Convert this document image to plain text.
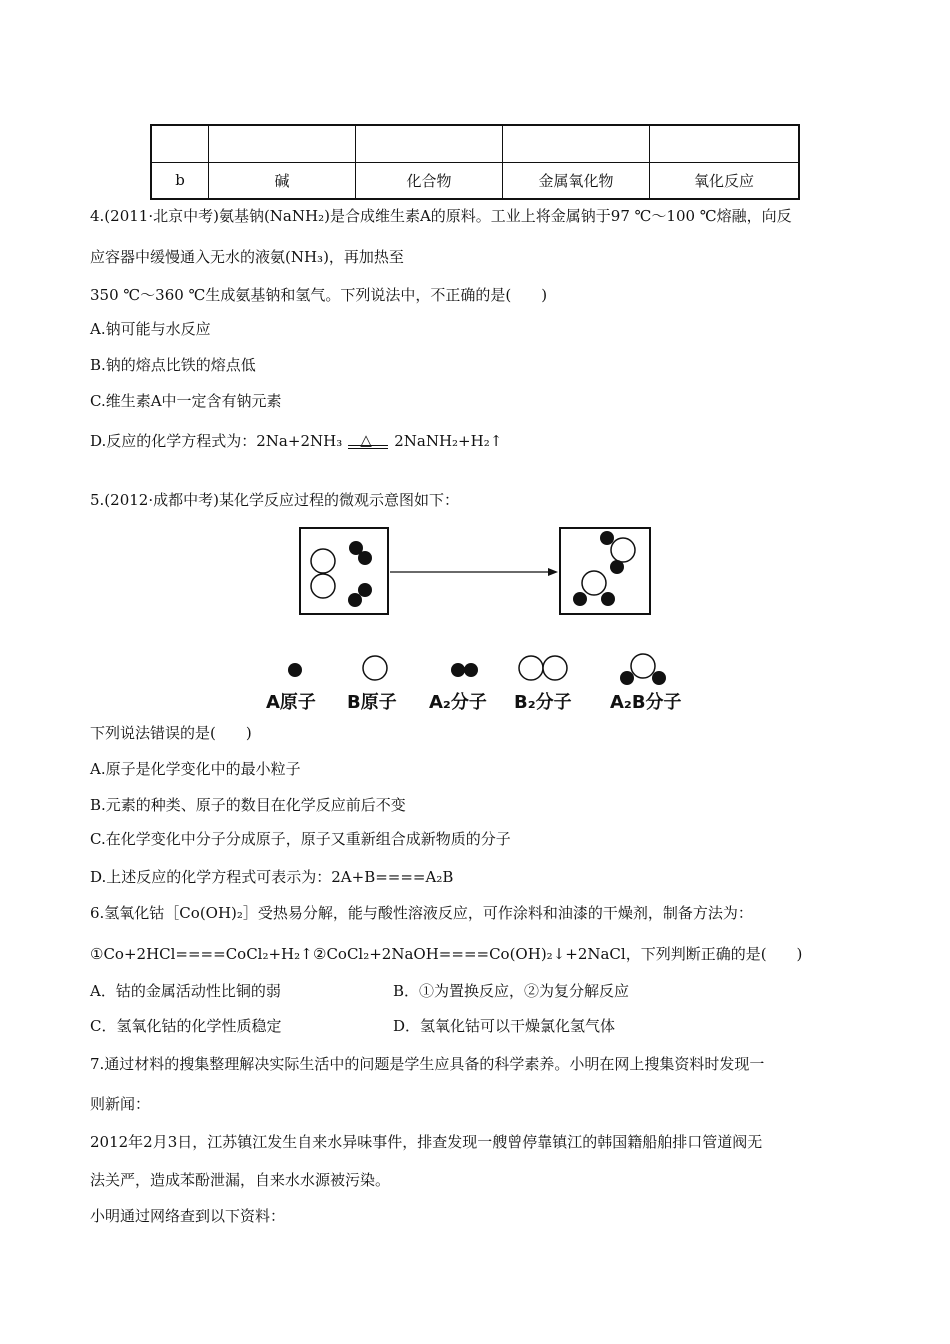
b	碱	化合物	金属氧化物	氧化反应
4.(2011·北京中考)氨基钠(NaNH₂)是合成维生素A的原料。工业上将金属钠于97 ℃～100 ℃熔融，向反
应容器中缓慢通入无水的液氨(NH₃)，再加热至
350 ℃～360 ℃生成氨基钠和氢气。下列说法中，不正确的是(　　)
A.钠可能与水反应
B.钠的熔点比铁的熔点低
C.维生素A中一定含有钠元素
D.反应的化学方程式为：2Na+2NH₃ △ 2NaNH₂+H₂↑
5.(2012·成都中考)某化学反应过程的微观示意图如下：
A原子 B原子 A₂分子 B₂分子 A₂B分子
下列说法错误的是(　　)
A.原子是化学变化中的最小粒子
B.元素的种类、原子的数目在化学反应前后不变
C.在化学变化中分子分成原子，原子又重新组合成新物质的分子
D.上述反应的化学方程式可表示为：2A+B====A₂B
6.氢氧化钴［Co(OH)₂］受热易分解，能与酸性溶液反应，可作涂料和油漆的干燥剂，制备方法为：
①Co+2HCl====CoCl₂+H₂↑ ②CoCl₂+2NaOH====Co(OH)₂↓+2NaCl，下列判断正确的是(　　)
A．钴的金属活动性比铜的弱	B．①为置换反应，②为复分解反应
C．氢氧化钴的化学性质稳定	D．氢氧化钴可以干燥氯化氢气体
7.通过材料的搜集整理解决实际生活中的问题是学生应具备的科学素养。小明在网上搜集资料时发现一
则新闻：
2012年2月3日，江苏镇江发生自来水异味事件，排查发现一艘曾停靠镇江的韩国籍船舶排口管道阀无
法关严，造成苯酚泄漏，自来水水源被污染。
小明通过网络查到以下资料：
